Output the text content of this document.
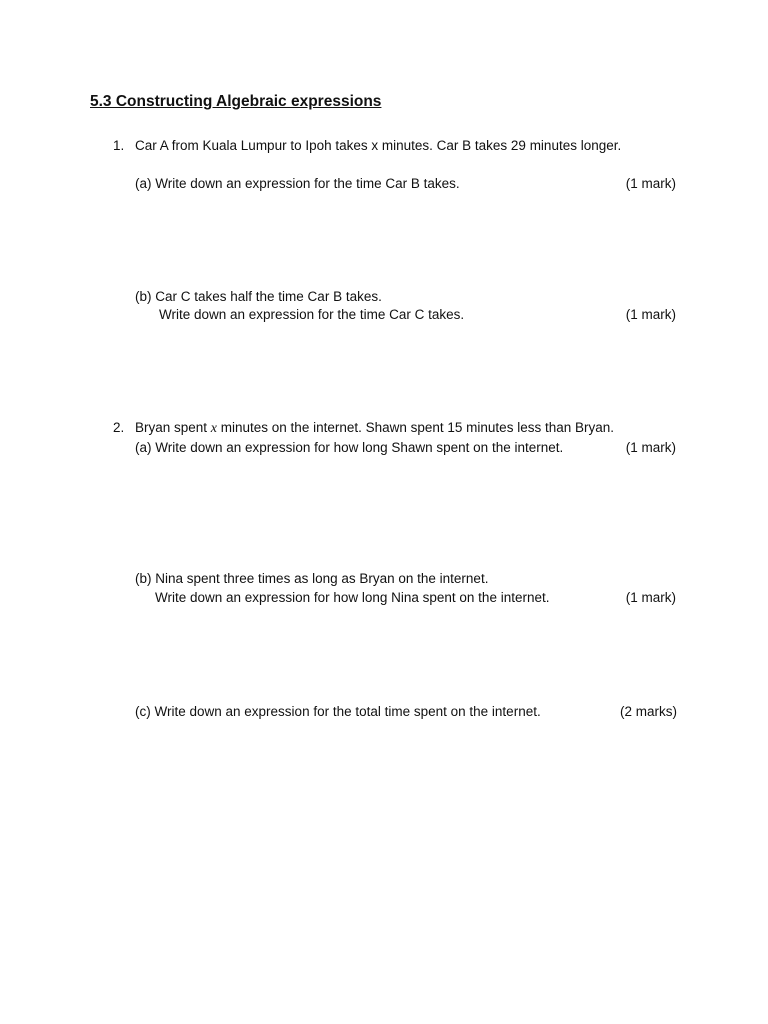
5.3 Constructing Algebraic expressions
1. Car A from Kuala Lumpur to Ipoh takes x minutes. Car B takes 29 minutes longer.

(a) Write down an expression for the time Car B takes.	(1 mark)

(b) Car C takes half the time Car B takes.

Write down an expression for the time Car C takes.	(1 mark)
2. Bryan spent x minutes on the internet. Shawn spent 15 minutes less than Bryan.

(a) Write down an expression for how long Shawn spent on the internet.	(1 mark)

(b) Nina spent three times as long as Bryan on the internet.

Write down an expression for how long Nina spent on the internet.	(1 mark)

(c) Write down an expression for the total time spent on the internet.	(2 marks)
